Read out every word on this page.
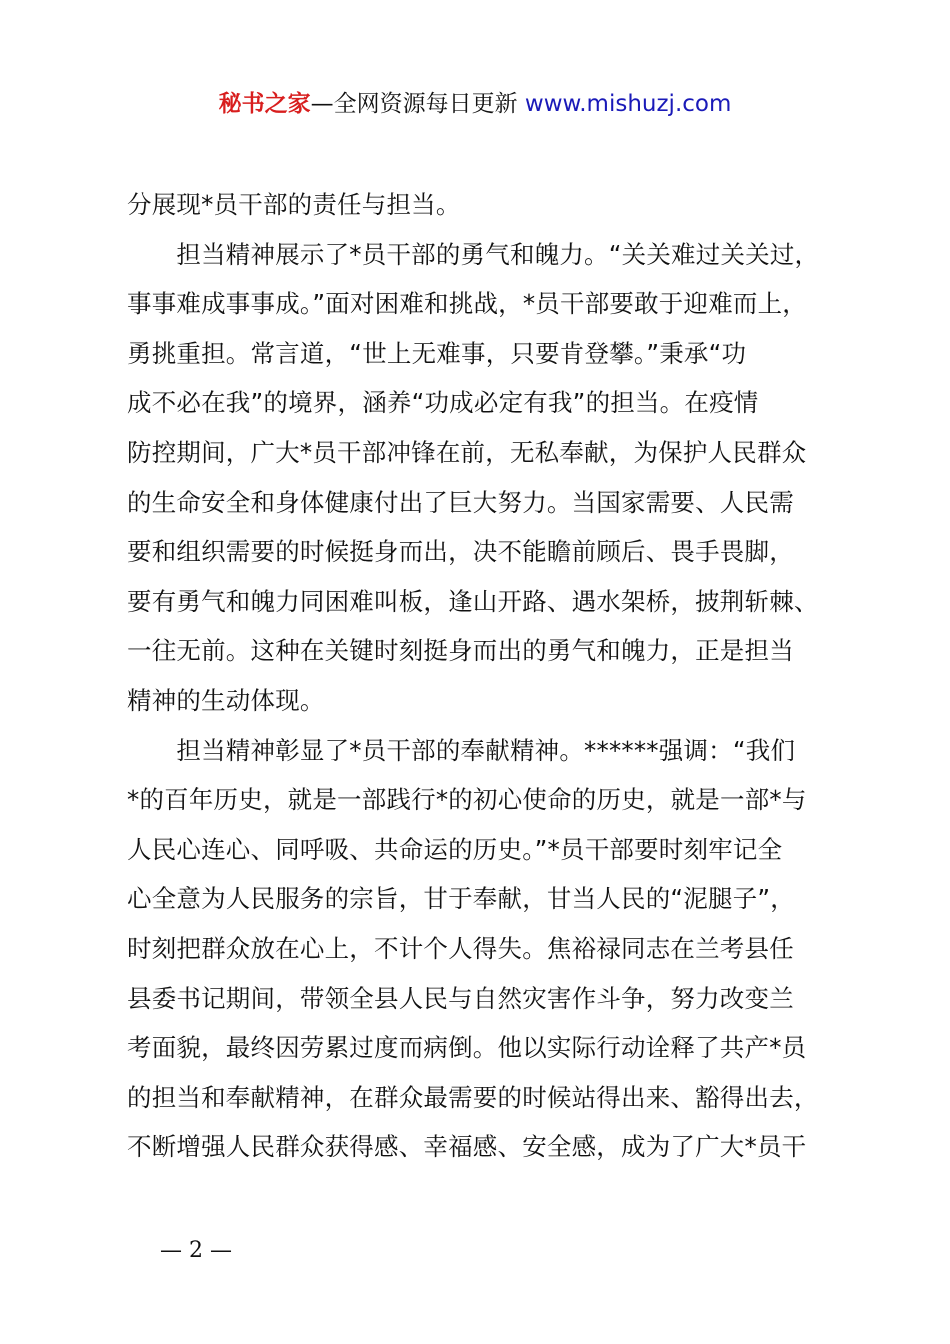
秘书之家—全网资源每日更新 www.mishuzj.com
分展现*员干部的责任与担当。
　　担当精神展示了*员干部的勇气和魄力。“关关难过关关过，
事事难成事事成。”面对困难和挑战，*员干部要敢于迎难而上，
勇挑重担。常言道，“世上无难事，只要肯登攀。”秉承“功
成不必在我”的境界，涵养“功成必定有我”的担当。在疫情
防控期间，广大*员干部冲锋在前，无私奉献，为保护人民群众
的生命安全和身体健康付出了巨大努力。当国家需要、人民需
要和组织需要的时候挺身而出，决不能瞻前顾后、畏手畏脚，
要有勇气和魄力同困难叫板，逢山开路、遇水架桥，披荆斩棘、
一往无前。这种在关键时刻挺身而出的勇气和魄力，正是担当
精神的生动体现。
　　担当精神彰显了*员干部的奉献精神。******强调：“我们
*的百年历史，就是一部践行*的初心使命的历史，就是一部*与
人民心连心、同呼吸、共命运的历史。”*员干部要时刻牢记全
心全意为人民服务的宗旨，甘于奉献，甘当人民的“泥腿子”，
时刻把群众放在心上，不计个人得失。焦裕禄同志在兰考县任
县委书记期间，带领全县人民与自然灾害作斗争，努力改变兰
考面貌，最终因劳累过度而病倒。他以实际行动诠释了共产*员
的担当和奉献精神，在群众最需要的时候站得出来、豁得出去，
不断增强人民群众获得感、幸福感、安全感，成为了广大*员干
— 2 —
